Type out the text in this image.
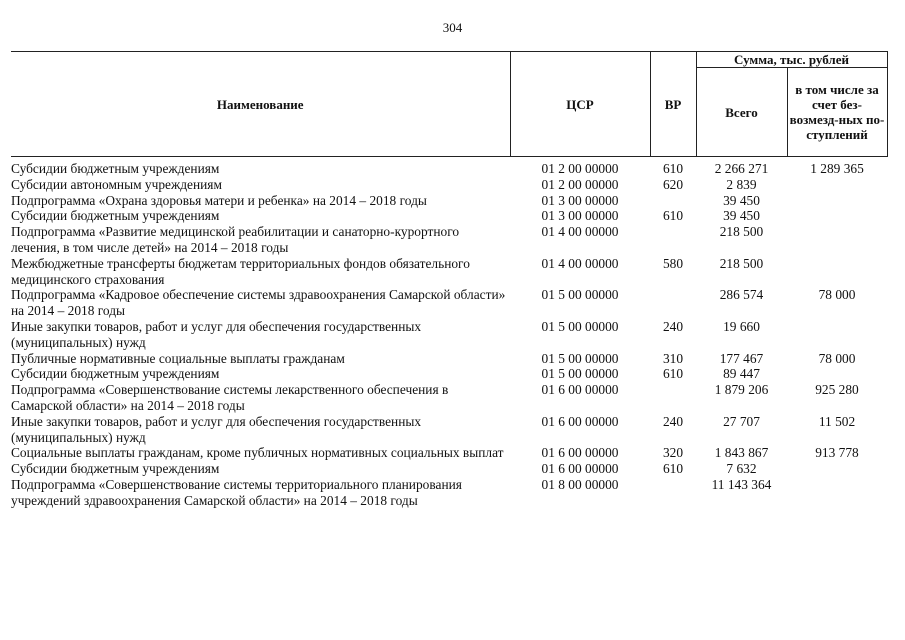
304
Наименование	ЦСР	ВР	Сумма, тыс. рублей	
			Всего	в том числе за счет без-возмезд-ных по-ступлений
Субсидии бюджетным учреждениям	01 2 00 00000	610	2 266 271	1 289 365
Субсидии автономным учреждениям	01 2 00 00000	620	2 839	
Подпрограмма «Охрана здоровья матери и ребенка» на 2014 – 2018 годы	01 3 00 00000		39 450	
Субсидии бюджетным учреждениям	01 3 00 00000	610	39 450	
Подпрограмма «Развитие медицинской реабилитации и санаторно-курортного лечения, в том числе детей» на 2014 – 2018 годы	01 4 00 00000		218 500	
Межбюджетные трансферты бюджетам территориальных фондов обязательного медицинского страхования	01 4 00 00000	580	218 500	
Подпрограмма «Кадровое обеспечение системы здравоохранения Самарской области» на 2014 – 2018 годы	01 5 00 00000		286 574	78 000
Иные закупки товаров, работ и услуг для обеспечения государственных (муниципальных) нужд	01 5 00 00000	240	19 660	
Публичные нормативные социальные выплаты гражданам	01 5 00 00000	310	177 467	78 000
Субсидии бюджетным учреждениям	01 5 00 00000	610	89 447	
Подпрограмма «Совершенствование системы лекарственного обеспечения в Самарской области» на 2014 – 2018 годы	01 6 00 00000		1 879 206	925 280
Иные закупки товаров, работ и услуг для обеспечения государственных (муниципальных) нужд	01 6 00 00000	240	27 707	11 502
Социальные выплаты гражданам, кроме публичных нормативных социальных выплат	01 6 00 00000	320	1 843 867	913 778
Субсидии бюджетным учреждениям	01 6 00 00000	610	7 632	
Подпрограмма «Совершенствование системы территориального планирования учреждений здравоохранения Самарской области» на 2014 – 2018 годы	01 8 00 00000		11 143 364	
